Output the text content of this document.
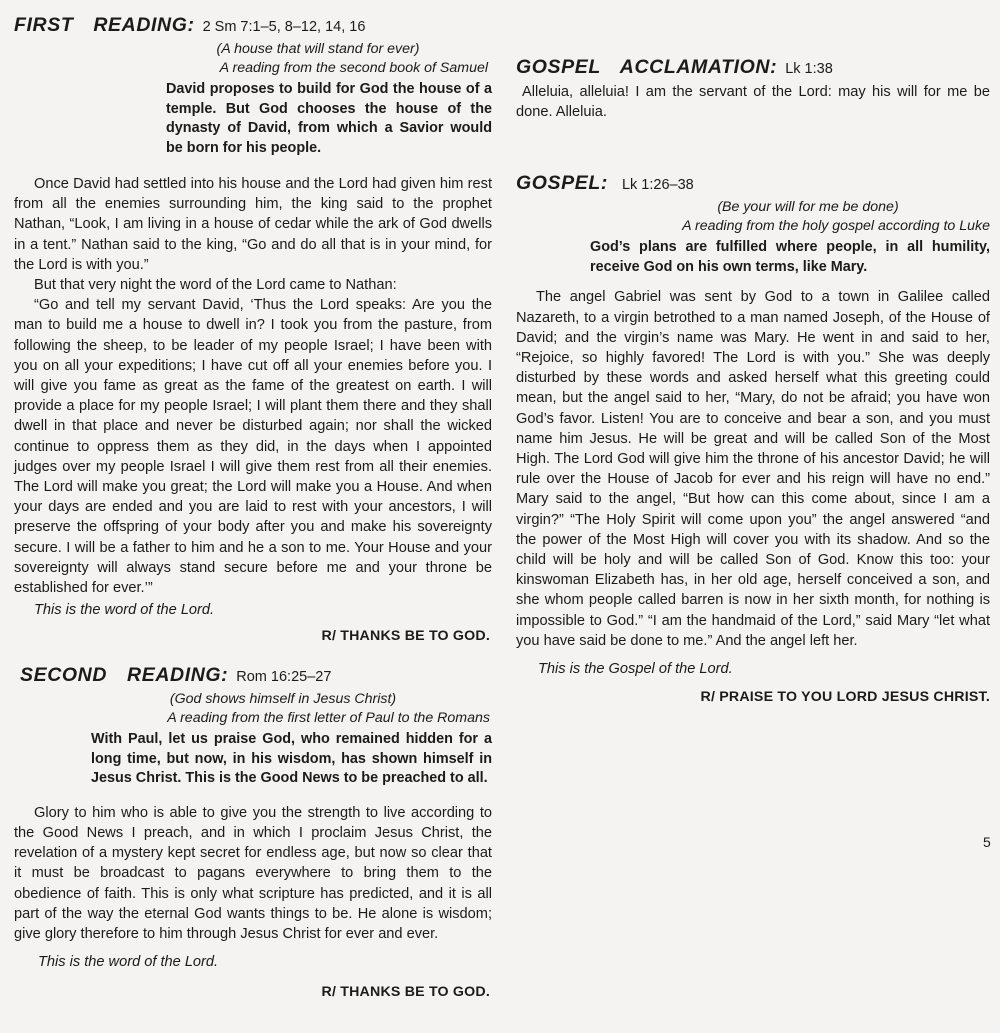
FIRST READING: 2 Sm 7:1–5, 8–12, 14, 16

(A house that will stand for ever)

A reading from the second book of Samuel

David proposes to build for God the house of a temple. But God chooses the house of the dynasty of David, from which a Savior would be born for his people.

Once David had settled into his house and the Lord had given him rest from all the enemies surrounding him, the king said to the prophet Nathan, “Look, I am living in a house of cedar while the ark of God dwells in a tent.” Nathan said to the king, “Go and do all that is in your mind, for the Lord is with you.”

But that very night the word of the Lord came to Nathan:

“Go and tell my servant David, ‘Thus the Lord speaks: Are you the man to build me a house to dwell in? I took you from the pasture, from following the sheep, to be leader of my people Israel; I have been with you on all your expeditions; I have cut off all your enemies before you. I will give you fame as great as the fame of the greatest on earth. I will provide a place for my people Israel; I will plant them there and they shall dwell in that place and never be disturbed again; nor shall the wicked continue to oppress them as they did, in the days when I appointed judges over my people Israel I will give them rest from all their enemies. The Lord will make you great; the Lord will make you a House. And when your days are ended and you are laid to rest with your ancestors, I will preserve the offspring of your body after you and make his sovereignty secure. I will be a father to him and he a son to me. Your House and your sovereignty will always stand secure before me and your throne be established for ever.’”

This is the word of the Lord.

R/ THANKS BE TO GOD.

SECOND READING: Rom 16:25–27

(God shows himself in Jesus Christ)

A reading from the first letter of Paul to the Romans

With Paul, let us praise God, who remained hidden for a long time, but now, in his wisdom, has shown himself in Jesus Christ. This is the Good News to be preached to all.

Glory to him who is able to give you the strength to live according to the Good News I preach, and in which I proclaim Jesus Christ, the revelation of a mystery kept secret for endless age, but now so clear that it must be broadcast to pagans everywhere to bring them to the obedience of faith. This is only what scripture has predicted, and it is all part of the way the eternal God wants things to be. He alone is wisdom; give glory therefore to him through Jesus Christ for ever and ever.

This is the word of the Lord.

R/ THANKS BE TO GOD.

GOSPEL ACCLAMATION: Lk 1:38

Alleluia, alleluia! I am the servant of the Lord: may his will for me be done. Alleluia.

GOSPEL: Lk 1:26–38

(Be your will for me be done)

A reading from the holy gospel according to Luke

God’s plans are fulfilled where people, in all humility, receive God on his own terms, like Mary.

The angel Gabriel was sent by God to a town in Galilee called Nazareth, to a virgin betrothed to a man named Joseph, of the House of David; and the virgin’s name was Mary. He went in and said to her, “Rejoice, so highly favored! The Lord is with you.” She was deeply disturbed by these words and asked herself what this greeting could mean, but the angel said to her, “Mary, do not be afraid; you have won God’s favor. Listen! You are to conceive and bear a son, and you must name him Jesus. He will be great and will be called Son of the Most High. The Lord God will give him the throne of his ancestor David; he will rule over the House of Jacob for ever and his reign will have no end.” Mary said to the angel, “But how can this come about, since I am a virgin?” “The Holy Spirit will come upon you” the angel answered “and the power of the Most High will cover you with its shadow. And so the child will be holy and will be called Son of God. Know this too: your kinswoman Elizabeth has, in her old age, herself conceived a son, and she whom people called barren is now in her sixth month, for nothing is impossible to God.” “I am the handmaid of the Lord,” said Mary “let what you have said be done to me.” And the angel left her.

This is the Gospel of the Lord.

R/ PRAISE TO YOU LORD JESUS CHRIST.

5
